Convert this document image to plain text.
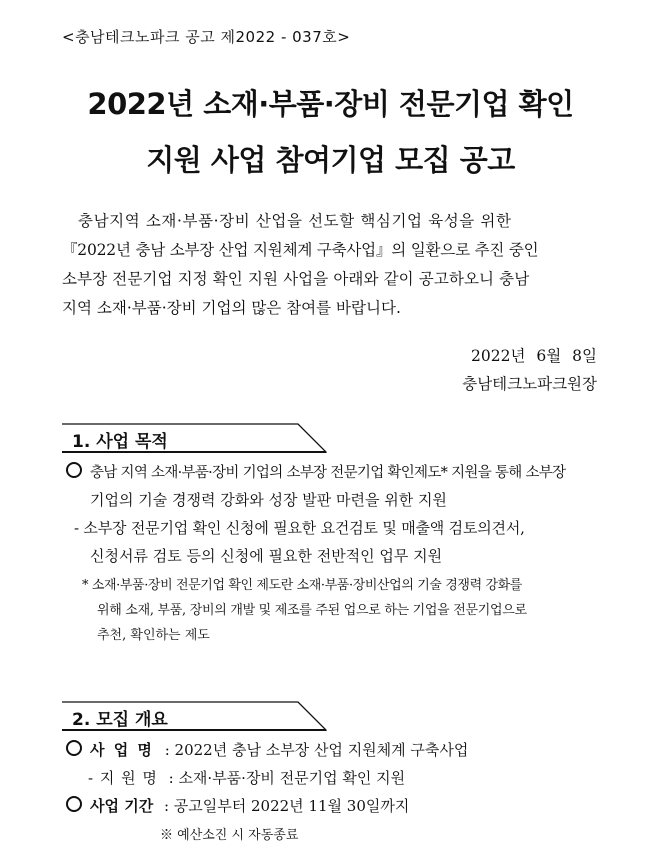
<충남테크노파크 공고 제2022 - 037호>
2022년 소재·부품·장비 전문기업 확인
지원 사업 참여기업 모집 공고
충남지역 소재·부품·장비 산업을 선도할 핵심기업 육성을 위한
『2022년 충남 소부장 산업 지원체계 구축사업』의 일환으로 추진 중인
소부장 전문기업 지정 확인 지원 사업을 아래와 같이 공고하오니 충남
지역 소재·부품·장비 기업의 많은 참여를 바랍니다.
2022년 6월 8일
충남테크노파크원장
1. 사업 목적
충남 지역 소재·부품·장비 기업의 소부장 전문기업 확인제도* 지원을 통해 소부장
기업의 기술 경쟁력 강화와 성장 발판 마련을 위한 지원
- 소부장 전문기업 확인 신청에 필요한 요건검토 및 매출액 검토의견서,
신청서류 검토 등의 신청에 필요한 전반적인 업무 지원
* 소재·부품·장비 전문기업 확인 제도란 소재·부품·장비산업의 기술 경쟁력 강화를
위해 소재, 부품, 장비의 개발 및 제조를 주된 업으로 하는 기업을 전문기업으로
추천, 확인하는 제도
2. 모집 개요
사 업 명 : 2022년 충남 소부장 산업 지원체계 구축사업
- 지 원 명 : 소재·부품·장비 전문기업 확인 지원
사업 기간 : 공고일부터 2022년 11월 30일까지
※ 예산소진 시 자동종료
